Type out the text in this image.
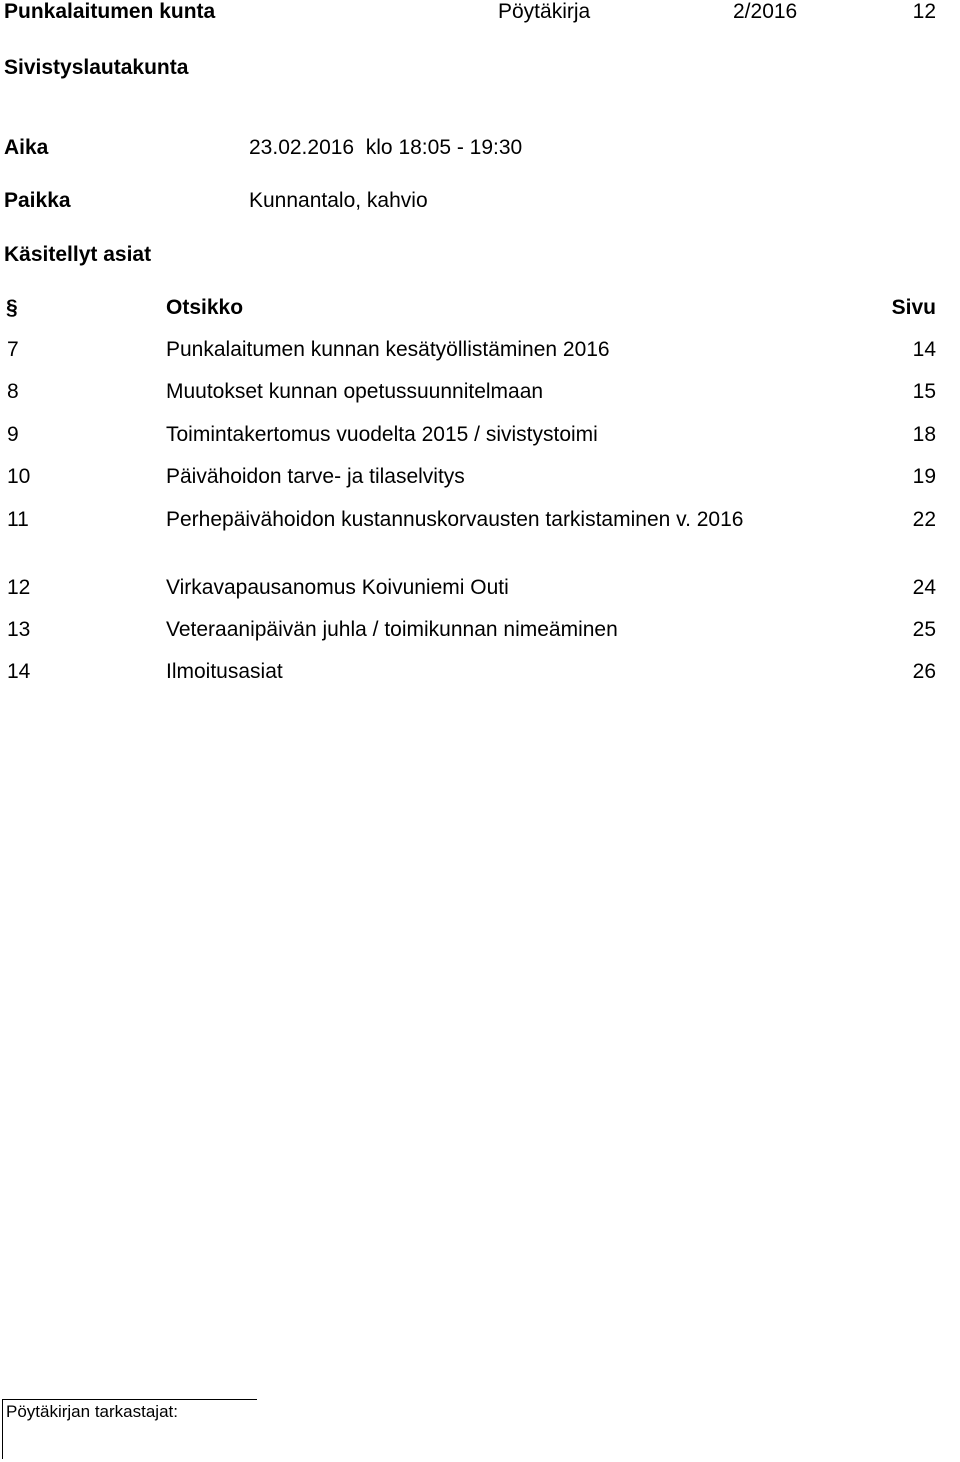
Punkalaitumen kunta	Pöytäkirja	2/2016	12
Sivistyslautakunta
Aika	23.02.2016  klo 18:05 - 19:30
Paikka	Kunnantalo, kahvio
Käsitellyt asiat
§	Otsikko	Sivu
7	Punkalaitumen kunnan kesätyöllistäminen 2016	14
8	Muutokset kunnan opetussuunnitelmaan	15
9	Toimintakertomus vuodelta 2015 / sivistystoimi	18
10	Päivähoidon tarve- ja tilaselvitys	19
11	Perhepäivähoidon kustannuskorvausten tarkistaminen v. 2016	22
12	Virkavapausanomus Koivuniemi Outi	24
13	Veteraanipäivän juhla / toimikunnan nimeäminen	25
14	Ilmoitusasiat	26
Pöytäkirjan tarkastajat:
